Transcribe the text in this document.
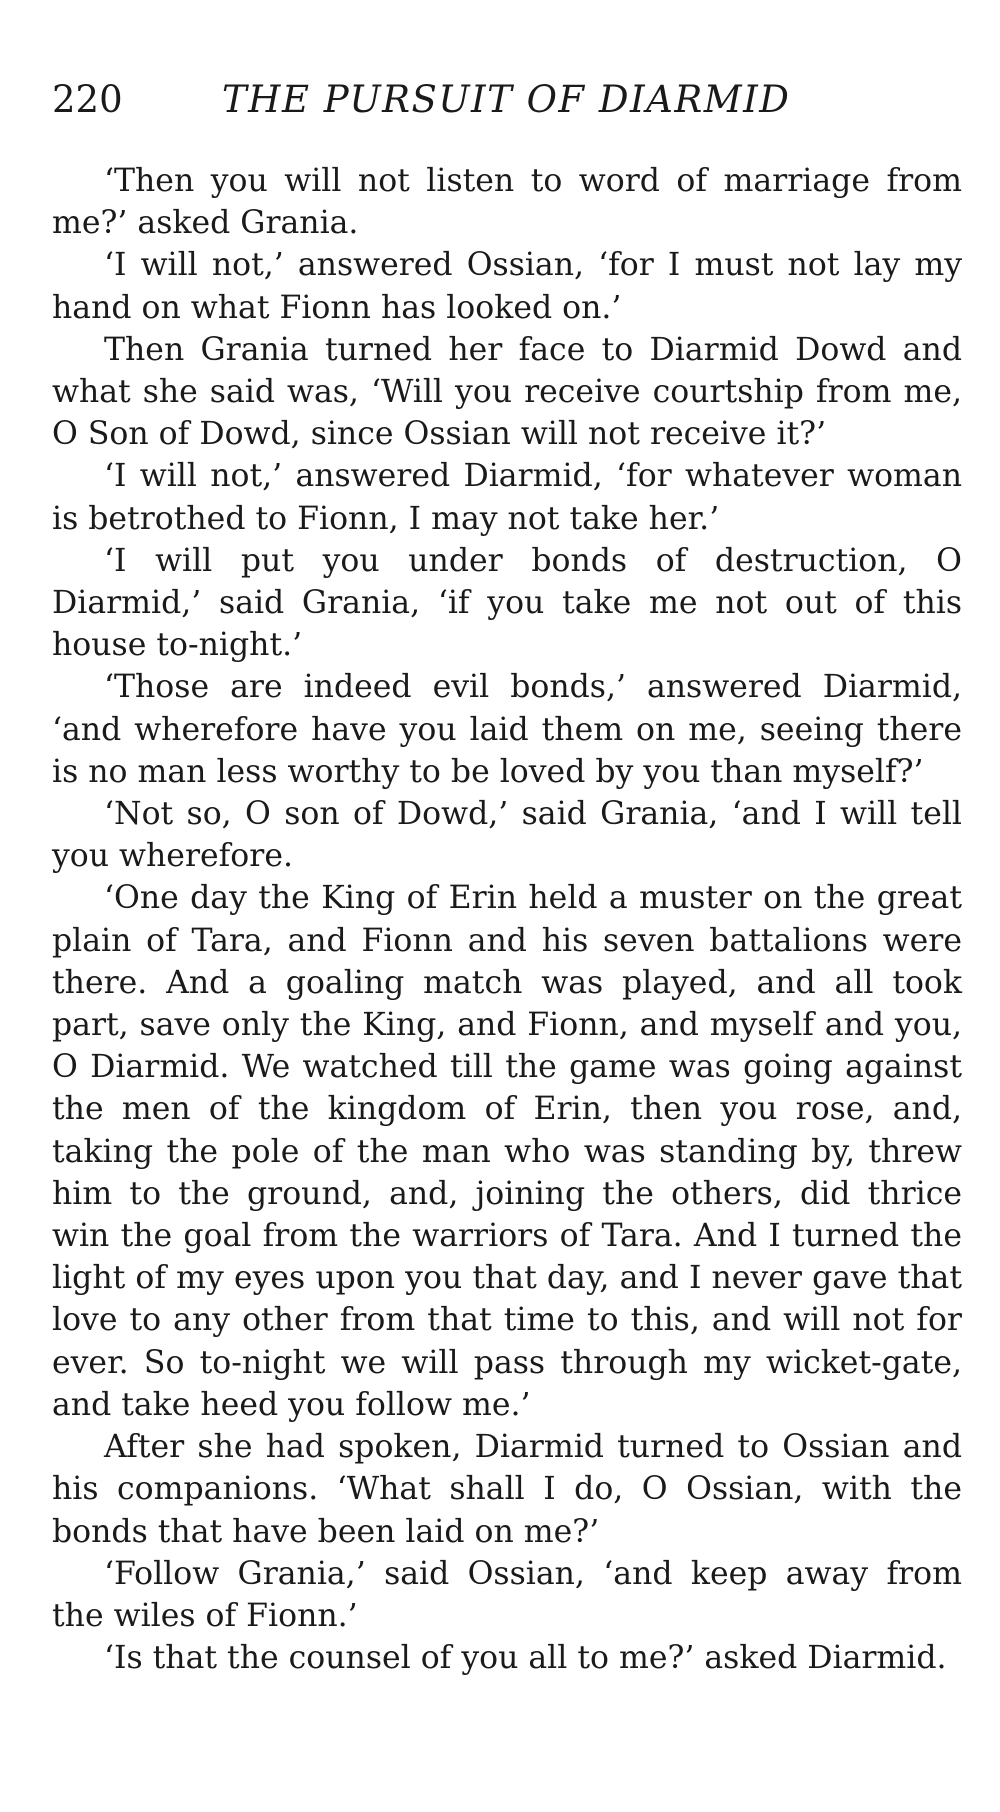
220	THE PURSUIT OF DIARMID

‘Then you will not listen to word of marriage from me?’ asked Grania.

‘I will not,’ answered Ossian, ‘for I must not lay my hand on what Fionn has looked on.’

Then Grania turned her face to Diarmid Dowd and what she said was, ‘Will you receive courtship from me, O Son of Dowd, since Ossian will not receive it?’

‘I will not,’ answered Diarmid, ‘for whatever woman is betrothed to Fionn, I may not take her.’

‘I will put you under bonds of destruction, O Diarmid,’ said Grania, ‘if you take me not out of this house to-night.’

‘Those are indeed evil bonds,’ answered Diarmid, ‘and wherefore have you laid them on me, seeing there is no man less worthy to be loved by you than myself?’

‘Not so, O son of Dowd,’ said Grania, ‘and I will tell you wherefore.

‘One day the King of Erin held a muster on the great plain of Tara, and Fionn and his seven battalions were there. And a goaling match was played, and all took part, save only the King, and Fionn, and myself and you, O Diarmid. We watched till the game was going against the men of the kingdom of Erin, then you rose, and, taking the pole of the man who was standing by, threw him to the ground, and, joining the others, did thrice win the goal from the warriors of Tara. And I turned the light of my eyes upon you that day, and I never gave that love to any other from that time to this, and will not for ever. So to-night we will pass through my wicket-gate, and take heed you follow me.’

After she had spoken, Diarmid turned to Ossian and his companions. ‘What shall I do, O Ossian, with the bonds that have been laid on me?’

‘Follow Grania,’ said Ossian, ‘and keep away from the wiles of Fionn.’

‘Is that the counsel of you all to me?’ asked Diarmid.
